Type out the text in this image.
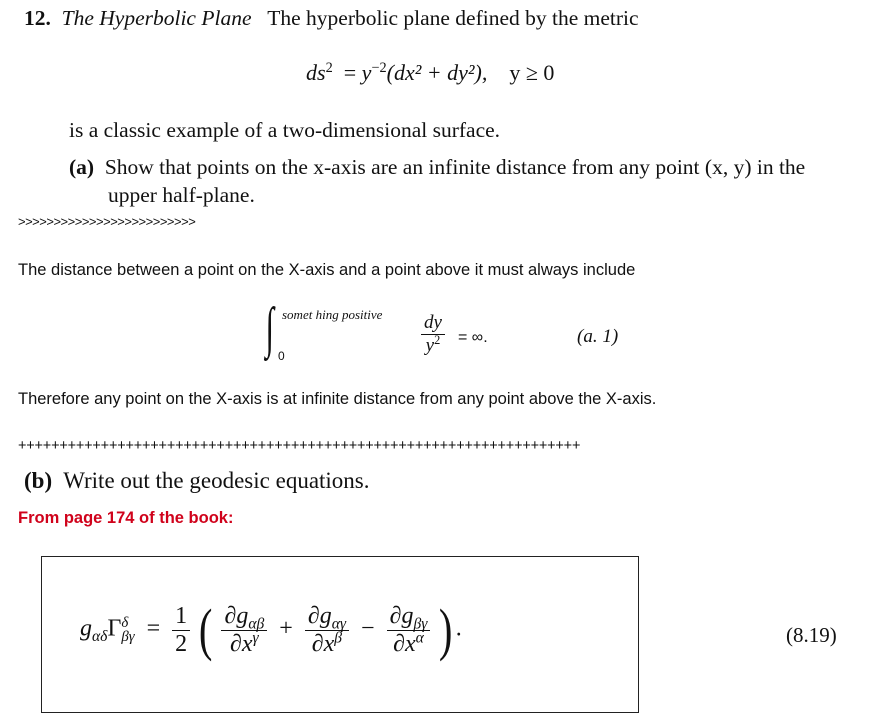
12. The Hyperbolic Plane The hyperbolic plane defined by the metric
$ds^2 = y^{-2}(dx^2 + dy^2)$, y ≥ 0
is a classic example of a two-dimensional surface.
(a) Show that points on the x-axis are an infinite distance from any point (x, y) in the
upper half-plane.
>>>>>>>>>>>>>>>>>>>>>>>>>
The distance between a point on the X-axis and a point above it must always include
∫ somet hing positive
0	$\frac{dy}{y^2}$ = ∞.	(a. 1)
Therefore any point on the X-axis is at infinite distance from any point above the X-axis.
++++++++++++++++++++++++++++++++++++++++++++++++++++++++++++++++++++
(b) Write out the geodesic equations.
From page 174 of the book:
$g_{\alpha\delta}\Gamma$ δ
$\beta\gamma = \frac{1}{2}$ ( $\frac{\partial g_{\alpha\beta}}{\partial x^\gamma} + \frac{\partial g_{\alpha\gamma}}{\partial x^\beta} - \frac{\partial g_{\beta\gamma}}{\partial x^\alpha}$ ) .	(8.19)
